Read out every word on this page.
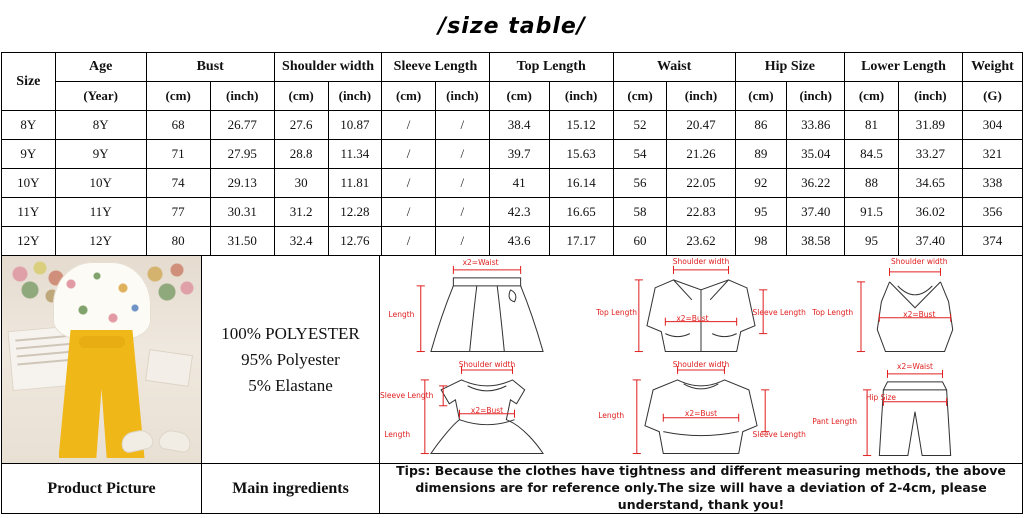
/size table/
Size	Age	Bust		Shoulder width		Sleeve Length		Top Length		Waist		Hip Size		Lower Length		Weight
	(Year)	(cm)	(inch)	(cm)	(inch)	(cm)	(inch)	(cm)	(inch)	(cm)	(inch)	(cm)	(inch)	(cm)	(inch)	(G)
8Y	8Y	68	26.77	27.6	10.87	/	/	38.4	15.12	52	20.47	86	33.86	81	31.89	304
9Y	9Y	71	27.95	28.8	11.34	/	/	39.7	15.63	54	21.26	89	35.04	84.5	33.27	321
10Y	10Y	74	29.13	30	11.81	/	/	41	16.14	56	22.05	92	36.22	88	34.65	338
11Y	11Y	77	30.31	31.2	12.28	/	/	42.3	16.65	58	22.83	95	37.40	91.5	36.02	356
12Y	12Y	80	31.50	32.4	12.76	/	/	43.6	17.17	60	23.62	98	38.58	95	37.40	374
Product Picture
100% POLYESTER
95% Polyester
5% Elastane
Main ingredients
x2=Waist
Length
Shoulder width
Top Length
x2=Bust
Sleeve Length
Shoulder width
Top Length	x2=Bust
Shoulder width
Sleeve Length
x2=Bust
Length
Shoulder width
Length	x2=Bust
Sleeve Length
x2=Waist
Hip Size
Pant Length
Tips: Because the clothes have tightness and different measuring methods, the above dimensions are for reference only.The size will have a deviation of 2-4cm, please understand, thank you!
